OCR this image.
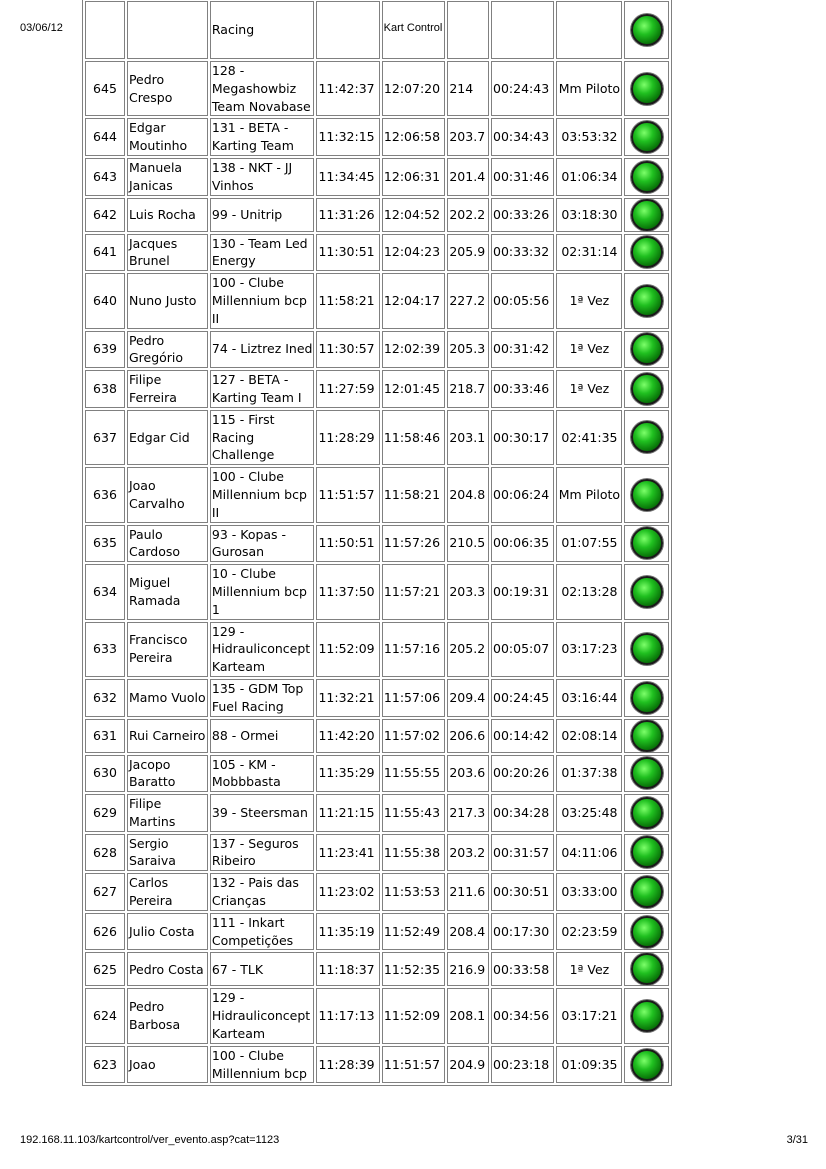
03/06/12	Kart Control
		Racing						
645	Pedro Crespo	128 - Megashowbiz Team Novabase	11:42:37	12:07:20	214	00:24:43	Mm Piloto	
644	Edgar Moutinho	131 - BETA - Karting Team	11:32:15	12:06:58	203.7	00:34:43	03:53:32	
643	Manuela Janicas	138 - NKT - JJ Vinhos	11:34:45	12:06:31	201.4	00:31:46	01:06:34	
642	Luis Rocha	99 - Unitrip	11:31:26	12:04:52	202.2	00:33:26	03:18:30	
641	Jacques Brunel	130 - Team Led Energy	11:30:51	12:04:23	205.9	00:33:32	02:31:14	
640	Nuno Justo	100 - Clube Millennium bcp II	11:58:21	12:04:17	227.2	00:05:56	1ª Vez	
639	Pedro Gregório	74 - Liztrez Ined	11:30:57	12:02:39	205.3	00:31:42	1ª Vez	
638	Filipe Ferreira	127 - BETA - Karting Team I	11:27:59	12:01:45	218.7	00:33:46	1ª Vez	
637	Edgar Cid	115 - First Racing Challenge	11:28:29	11:58:46	203.1	00:30:17	02:41:35	
636	Joao Carvalho	100 - Clube Millennium bcp II	11:51:57	11:58:21	204.8	00:06:24	Mm Piloto	
635	Paulo Cardoso	93 - Kopas - Gurosan	11:50:51	11:57:26	210.5	00:06:35	01:07:55	
634	Miguel Ramada	10 - Clube Millennium bcp 1	11:37:50	11:57:21	203.3	00:19:31	02:13:28	
633	Francisco Pereira	129 - Hidrauliconcept Karteam	11:52:09	11:57:16	205.2	00:05:07	03:17:23	
632	Mamo Vuolo	135 - GDM Top Fuel Racing	11:32:21	11:57:06	209.4	00:24:45	03:16:44	
631	Rui Carneiro	88 - Ormei	11:42:20	11:57:02	206.6	00:14:42	02:08:14	
630	Jacopo Baratto	105 - KM - Mobbbasta	11:35:29	11:55:55	203.6	00:20:26	01:37:38	
629	Filipe Martins	39 - Steersman	11:21:15	11:55:43	217.3	00:34:28	03:25:48	
628	Sergio Saraiva	137 - Seguros Ribeiro	11:23:41	11:55:38	203.2	00:31:57	04:11:06	
627	Carlos Pereira	132 - Pais das Crianças	11:23:02	11:53:53	211.6	00:30:51	03:33:00	
626	Julio Costa	111 - Inkart Competições	11:35:19	11:52:49	208.4	00:17:30	02:23:59	
625	Pedro Costa	67 - TLK	11:18:37	11:52:35	216.9	00:33:58	1ª Vez	
624	Pedro Barbosa	129 - Hidrauliconcept Karteam	11:17:13	11:52:09	208.1	00:34:56	03:17:21	
623	Joao	100 - Clube Millennium bcp	11:28:39	11:51:57	204.9	00:23:18	01:09:35	
192.168.11.103/kartcontrol/ver_evento.asp?cat=1123	3/31
